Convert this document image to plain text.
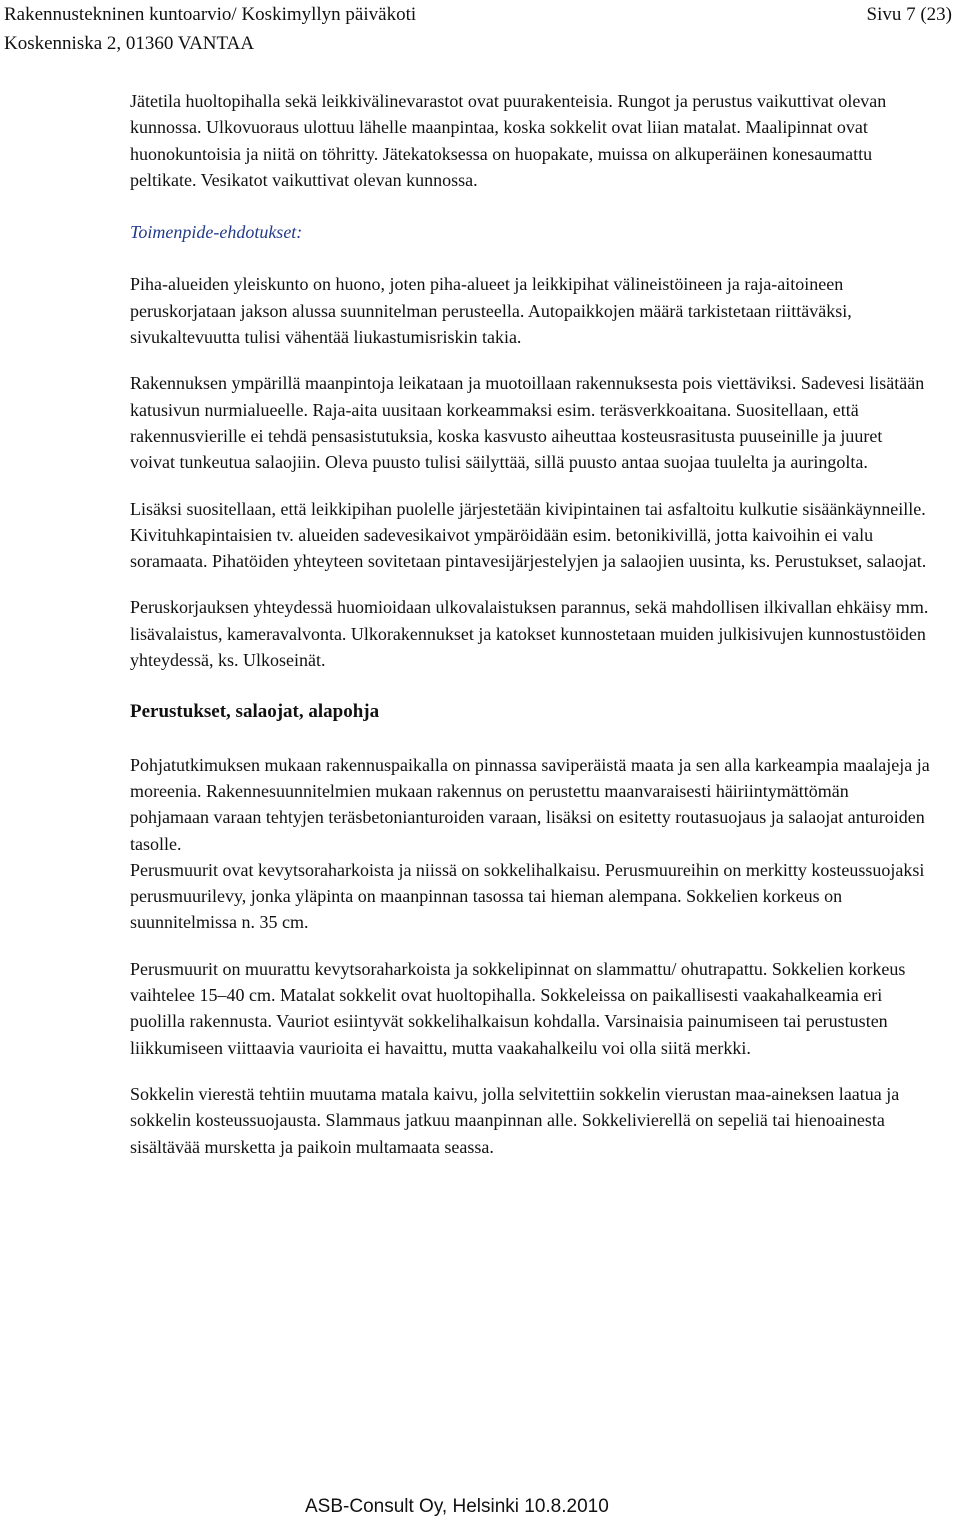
Rakennustekninen kuntoarvio/ Koskimyllyn päiväkoti	Sivu 7 (23)
Koskenniska 2, 01360 VANTAA

Jätetila huoltopihalla sekä leikkivälinevarastot ovat puurakenteisia. Rungot ja perustus vaikuttivat olevan kunnossa. Ulkovuoraus ulottuu lähelle maanpintaa, koska sokkelit ovat liian matalat. Maalipinnat ovat huonokuntoisia ja niitä on töhritty. Jätekatoksessa on huopakate, muissa on alkuperäinen konesaumattu peltikate. Vesikatot vaikuttivat olevan kunnossa.

Toimenpide-ehdotukset:

Piha-alueiden yleiskunto on huono, joten piha-alueet ja leikkipihat välineistöineen ja raja-aitoineen peruskorjataan jakson alussa suunnitelman perusteella. Autopaikkojen määrä tarkistetaan riittäväksi, sivukaltevuutta tulisi vähentää liukastumisriskin takia.

Rakennuksen ympärillä maanpintoja leikataan ja muotoillaan rakennuksesta pois viettäviksi. Sadevesi lisätään katusivun nurmialueelle. Raja-aita uusitaan korkeammaksi esim. teräsverkkoaitana. Suositellaan, että rakennusvierille ei tehdä pensasistutuksia, koska kasvusto aiheuttaa kosteusrasitusta puuseinille ja juuret voivat tunkeutua salaojiin. Oleva puusto tulisi säilyttää, sillä puusto antaa suojaa tuulelta ja auringolta.

Lisäksi suositellaan, että leikkipihan puolelle järjestetään kivipintainen tai asfaltoitu kulkutie sisäänkäynneille. Kivituhkapintaisien tv. alueiden sadevesikaivot ympäröidään esim. betonikivillä, jotta kaivoihin ei valu soramaata. Pihatöiden yhteyteen sovitetaan pintavesijärjestelyjen ja salaojien uusinta, ks. Perustukset, salaojat.

Peruskorjauksen yhteydessä huomioidaan ulkovalaistuksen parannus, sekä mahdollisen ilkivallan ehkäisy mm. lisävalaistus, kameravalvonta. Ulkorakennukset ja katokset kunnostetaan muiden julkisivujen kunnostustöiden yhteydessä, ks. Ulkoseinät.

Perustukset, salaojat, alapohja

Pohjatutkimuksen mukaan rakennuspaikalla on pinnassa saviperäistä maata ja sen alla karkeampia maalajeja ja moreenia. Rakennesuunnitelmien mukaan rakennus on perustettu maanvaraisesti häiriintymättömän pohjamaan varaan tehtyjen teräsbetonianturoiden varaan, lisäksi on esitetty routasuojaus ja salaojat anturoiden tasolle.

Perusmuurit ovat kevytsoraharkoista ja niissä on sokkelihalkaisu. Perusmuureihin on merkitty kosteussuojaksi perusmuurilevy, jonka yläpinta on maanpinnan tasossa tai hieman alempana. Sokkelien korkeus on suunnitelmissa n. 35 cm.

Perusmuurit on muurattu kevytsoraharkoista ja sokkelipinnat on slammattu/ ohutrapattu. Sokkelien korkeus vaihtelee 15–40 cm. Matalat sokkelit ovat huoltopihalla. Sokkeleissa on paikallisesti vaakahalkeamia eri puolilla rakennusta. Vauriot esiintyvät sokkelihalkaisun kohdalla. Varsinaisia painumiseen tai perustusten liikkumiseen viittaavia vaurioita ei havaittu, mutta vaakahalkeilu voi olla siitä merkki.

Sokkelin vierestä tehtiin muutama matala kaivu, jolla selvitettiin sokkelin vierustan maa-aineksen laatua ja sokkelin kosteussuojausta. Slammaus jatkuu maanpinnan alle. Sokkelivierellä on sepeliä tai hienoainesta sisältävää mursketta ja paikoin multamaata seassa.

ASB-Consult Oy, Helsinki 10.8.2010
